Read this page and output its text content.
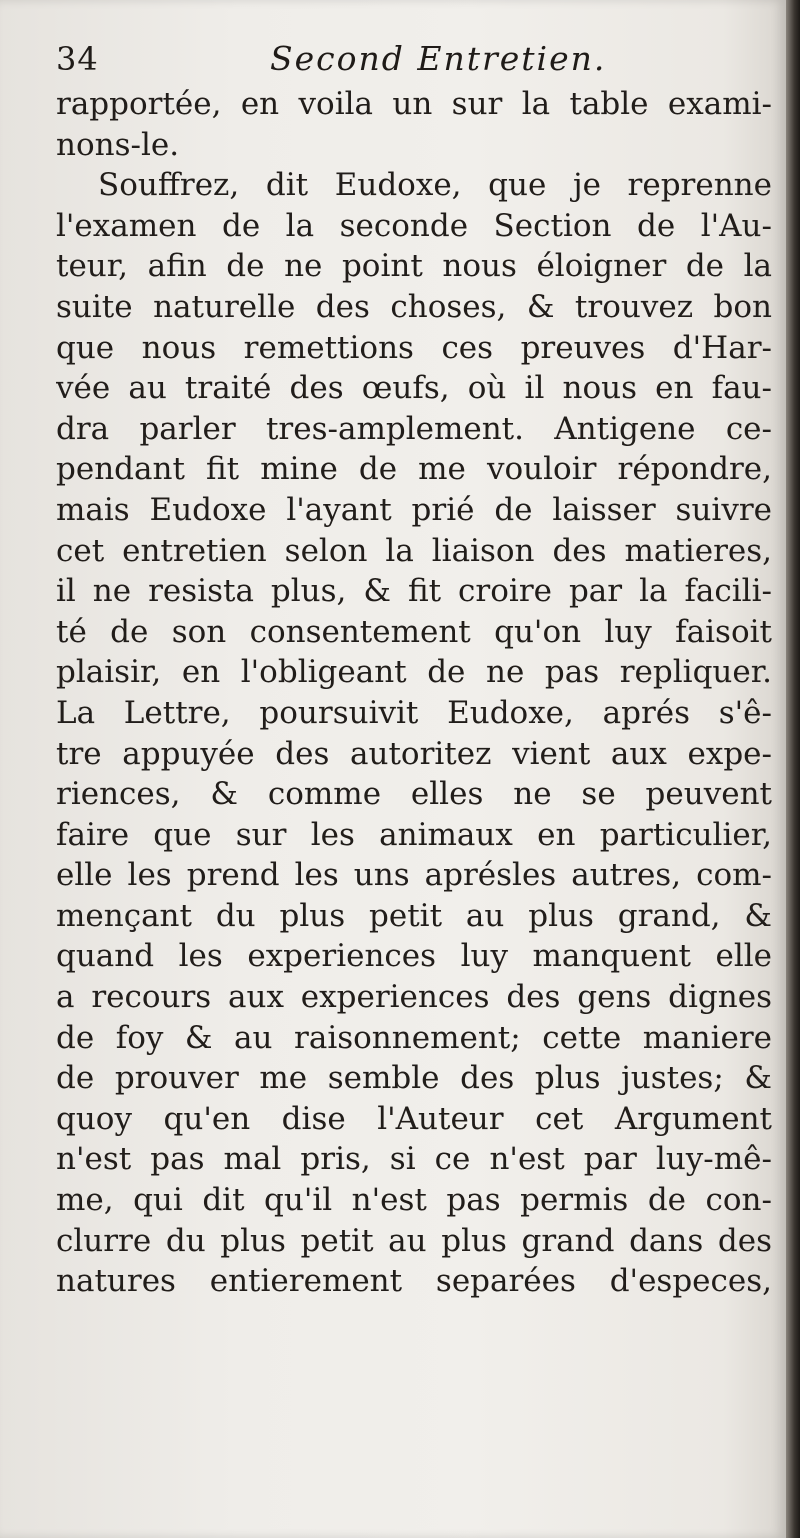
34	Second Entretien.
rapportée, en voila un sur la table exami-
nons-le.
Souffrez, dit Eudoxe, que je reprenne
l'examen de la seconde Section de l'Au-
teur, afin de ne point nous éloigner de la
suite naturelle des choses, & trouvez bon
que nous remettions ces preuves d'Har-
vée au traité des œufs, où il nous en fau-
dra parler tres-amplement. Antigene ce-
pendant fit mine de me vouloir répondre,
mais Eudoxe l'ayant prié de laisser suivre
cet entretien selon la liaison des matieres,
il ne resista plus, & fit croire par la facili-
té de son consentement qu'on luy faisoit
plaisir, en l'obligeant de ne pas repliquer.
La Lettre, poursuivit Eudoxe, aprés s'ê-
tre appuyée des autoritez vient aux expe-
riences, & comme elles ne se peuvent
faire que sur les animaux en particulier,
elle les prend les uns aprésles autres, com-
mençant du plus petit au plus grand, &
quand les experiences luy manquent elle
a recours aux experiences des gens dignes
de foy & au raisonnement; cette maniere
de prouver me semble des plus justes; &
quoy qu'en dise l'Auteur cet Argument
n'est pas mal pris, si ce n'est par luy-mê-
me, qui dit qu'il n'est pas permis de con-
clurre du plus petit au plus grand dans des
natures entierement separées d'especes,
